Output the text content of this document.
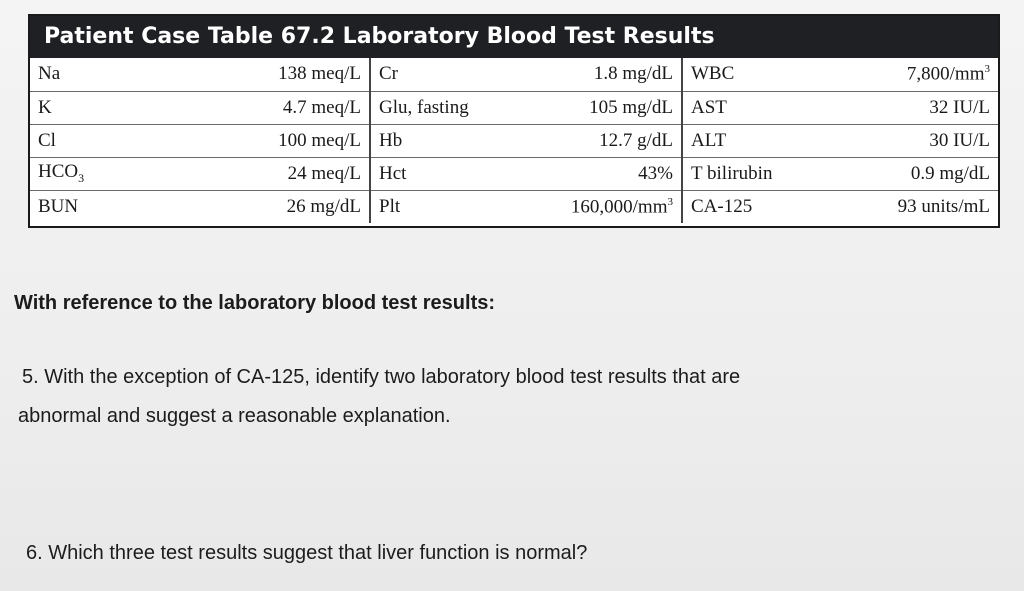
Patient Case Table 67.2 Laboratory Blood Test Results
Na	138 meq/L	Cr	1.8 mg/dL	WBC	$7,800/mm^3$
K	4.7 meq/L	Glu, fasting	105 mg/dL	AST	32 IU/L
Cl	100 meq/L	Hb	12.7 g/dL	ALT	30 IU/L
$HCO_3$	24 meq/L	Hct	43%	T bilirubin	0.9 mg/dL
BUN	26 mg/dL	Plt	$160,000/mm^3$	CA-125	93 units/mL
With reference to the laboratory blood test results:
5. With the exception of CA-125, identify two laboratory blood test results that are
abnormal and suggest a reasonable explanation.
6. Which three test results suggest that liver function is normal?
